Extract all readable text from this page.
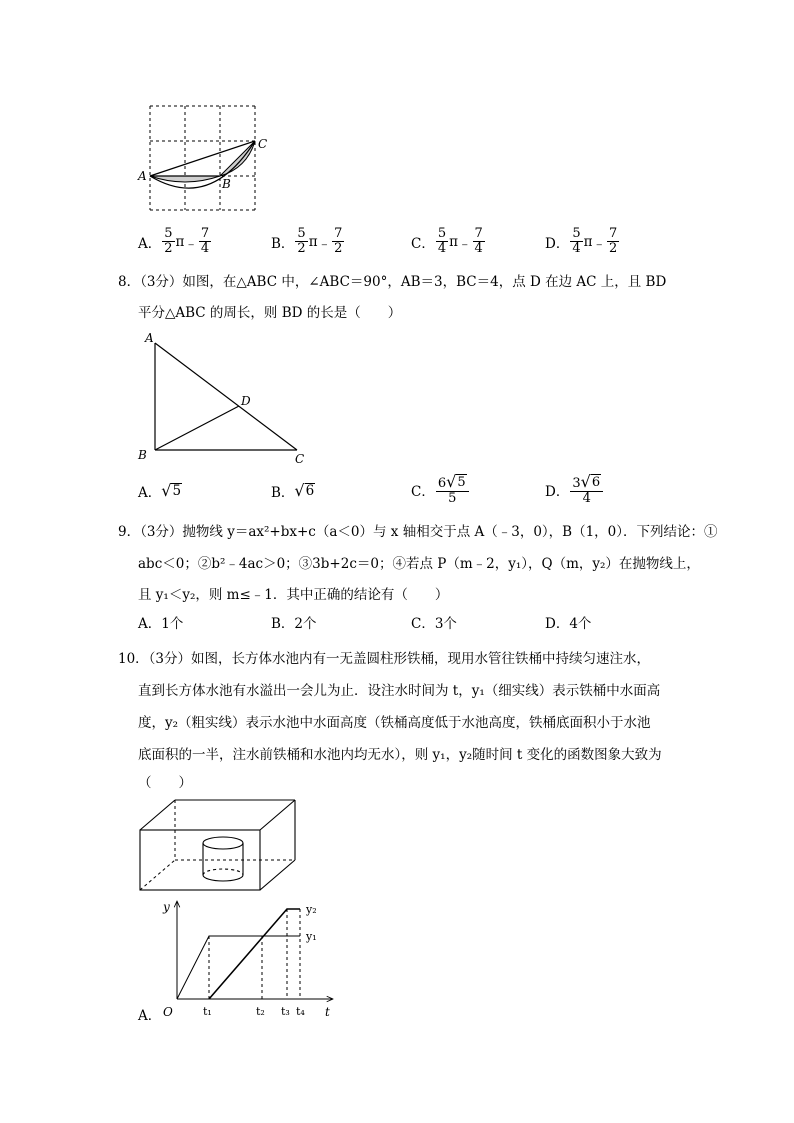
A
B
C
A． $\frac{5}{2}$ π ﹣ $\frac{7}{4}$	B． $\frac{5}{2}$ π ﹣ $\frac{7}{2}$	C． $\frac{5}{4}$ π ﹣ $\frac{7}{4}$	D． $\frac{5}{4}$ π ﹣ $\frac{7}{2}$
8．（3分）如图，在△ABC 中，∠ABC＝90°，AB＝3，BC＝4，点 D 在边 AC 上，且 BD
平分△ABC 的周长，则 BD 的长是（　　）
A
B	C
D
A． √ 5	B． √ 6	C． $\frac{6 √ 5}{5}$	D． $\frac{3 √ 6}{4}$
9．（3分）抛物线 y＝ax²+bx+c（a＜0）与 x 轴相交于点 A（﹣3，0），B（1，0）．下列结论：①
abc＜0；②b²﹣4ac＞0；③3b+2c＝0；④若点 P（m﹣2，y₁），Q（m，y₂）在抛物线上，
且 y₁＜y₂，则 m≤﹣1．其中正确的结论有（　　）
A．1个	B．2个	C．3个	D．4个
10．（3分）如图，长方体水池内有一无盖圆柱形铁桶，现用水管往铁桶中持续匀速注水，
直到长方体水池有水溢出一会儿为止．设注水时间为 t，y₁（细实线）表示铁桶中水面高
度，y₂（粗实线）表示水池中水面高度（铁桶高度低于水池高度，铁桶底面积小于水池
底面积的一半，注水前铁桶和水池内均无水），则 y₁，y₂随时间 t 变化的函数图象大致为
（　　）
A．
y
t
O
y₂
y₁
t₁	t₂ t₃ t₄
